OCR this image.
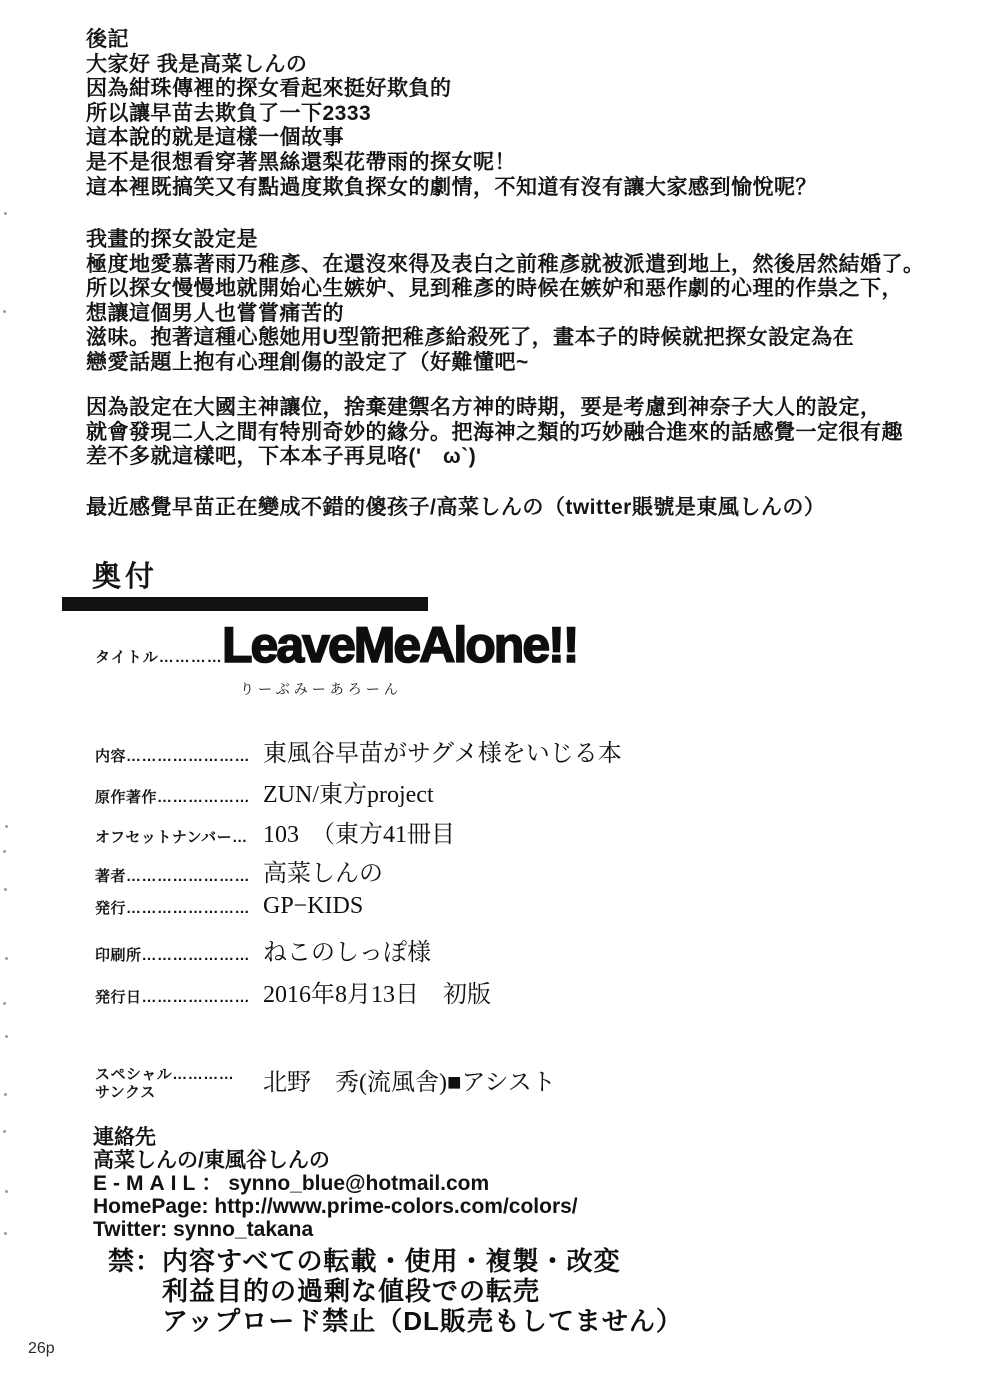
後記
大家好 我是高菜しんの
因為紺珠傳裡的探女看起來挺好欺負的
所以讓早苗去欺負了一下2333
這本說的就是這樣一個故事
是不是很想看穿著黑絲還梨花帶雨的探女呢！
這本裡既搞笑又有點過度欺負探女的劇情，不知道有沒有讓大家感到愉悅呢？
我畫的探女設定是
極度地愛慕著雨乃稚彥、在還沒來得及表白之前稚彥就被派遣到地上，然後居然結婚了。
所以探女慢慢地就開始心生嫉妒、見到稚彥的時候在嫉妒和惡作劇的心理的作祟之下，
想讓這個男人也嘗嘗痛苦的
滋味。抱著這種心態她用U型箭把稚彥給殺死了，畫本子的時候就把探女設定為在
戀愛話題上抱有心理創傷的設定了（好難懂吧~
因為設定在大國主神讓位，捨棄建禦名方神的時期，要是考慮到神奈子大人的設定，
就會發現二人之間有特別奇妙的緣分。把海神之類的巧妙融合進來的話感覺一定很有趣
差不多就這樣吧，下本本子再見咯('　ω`)
最近感覺早苗正在變成不錯的傻孩子/高菜しんの（twitter賬號是東風しんの）
奥付
タイトル………… LeaveMeAlone!!
りーぶみーあろーん
内容…………………… 東風谷早苗がサグメ様をいじる本
原作著作……………… ZUN/東方project
オフセットナンバー… 103　（東方41冊目
著者…………………… 高菜しんの
発行…………………… GP−KIDS
印刷所………………… ねこのしっぽ様
発行日………………… 2016年8月13日　初版
スペシャル…………
サンクス	北野　秀(流風舎)■アシスト
連絡先
高菜しんの/東風谷しんの
E-MAIL：synno_blue@hotmail.com
HomePage: http://www.prime-colors.com/colors/
Twitter: synno_takana
禁： 内容すべての転載・使用・複製・改変
利益目的の過剰な値段での転売
アップロード禁止（DL販売もしてません）
26p
